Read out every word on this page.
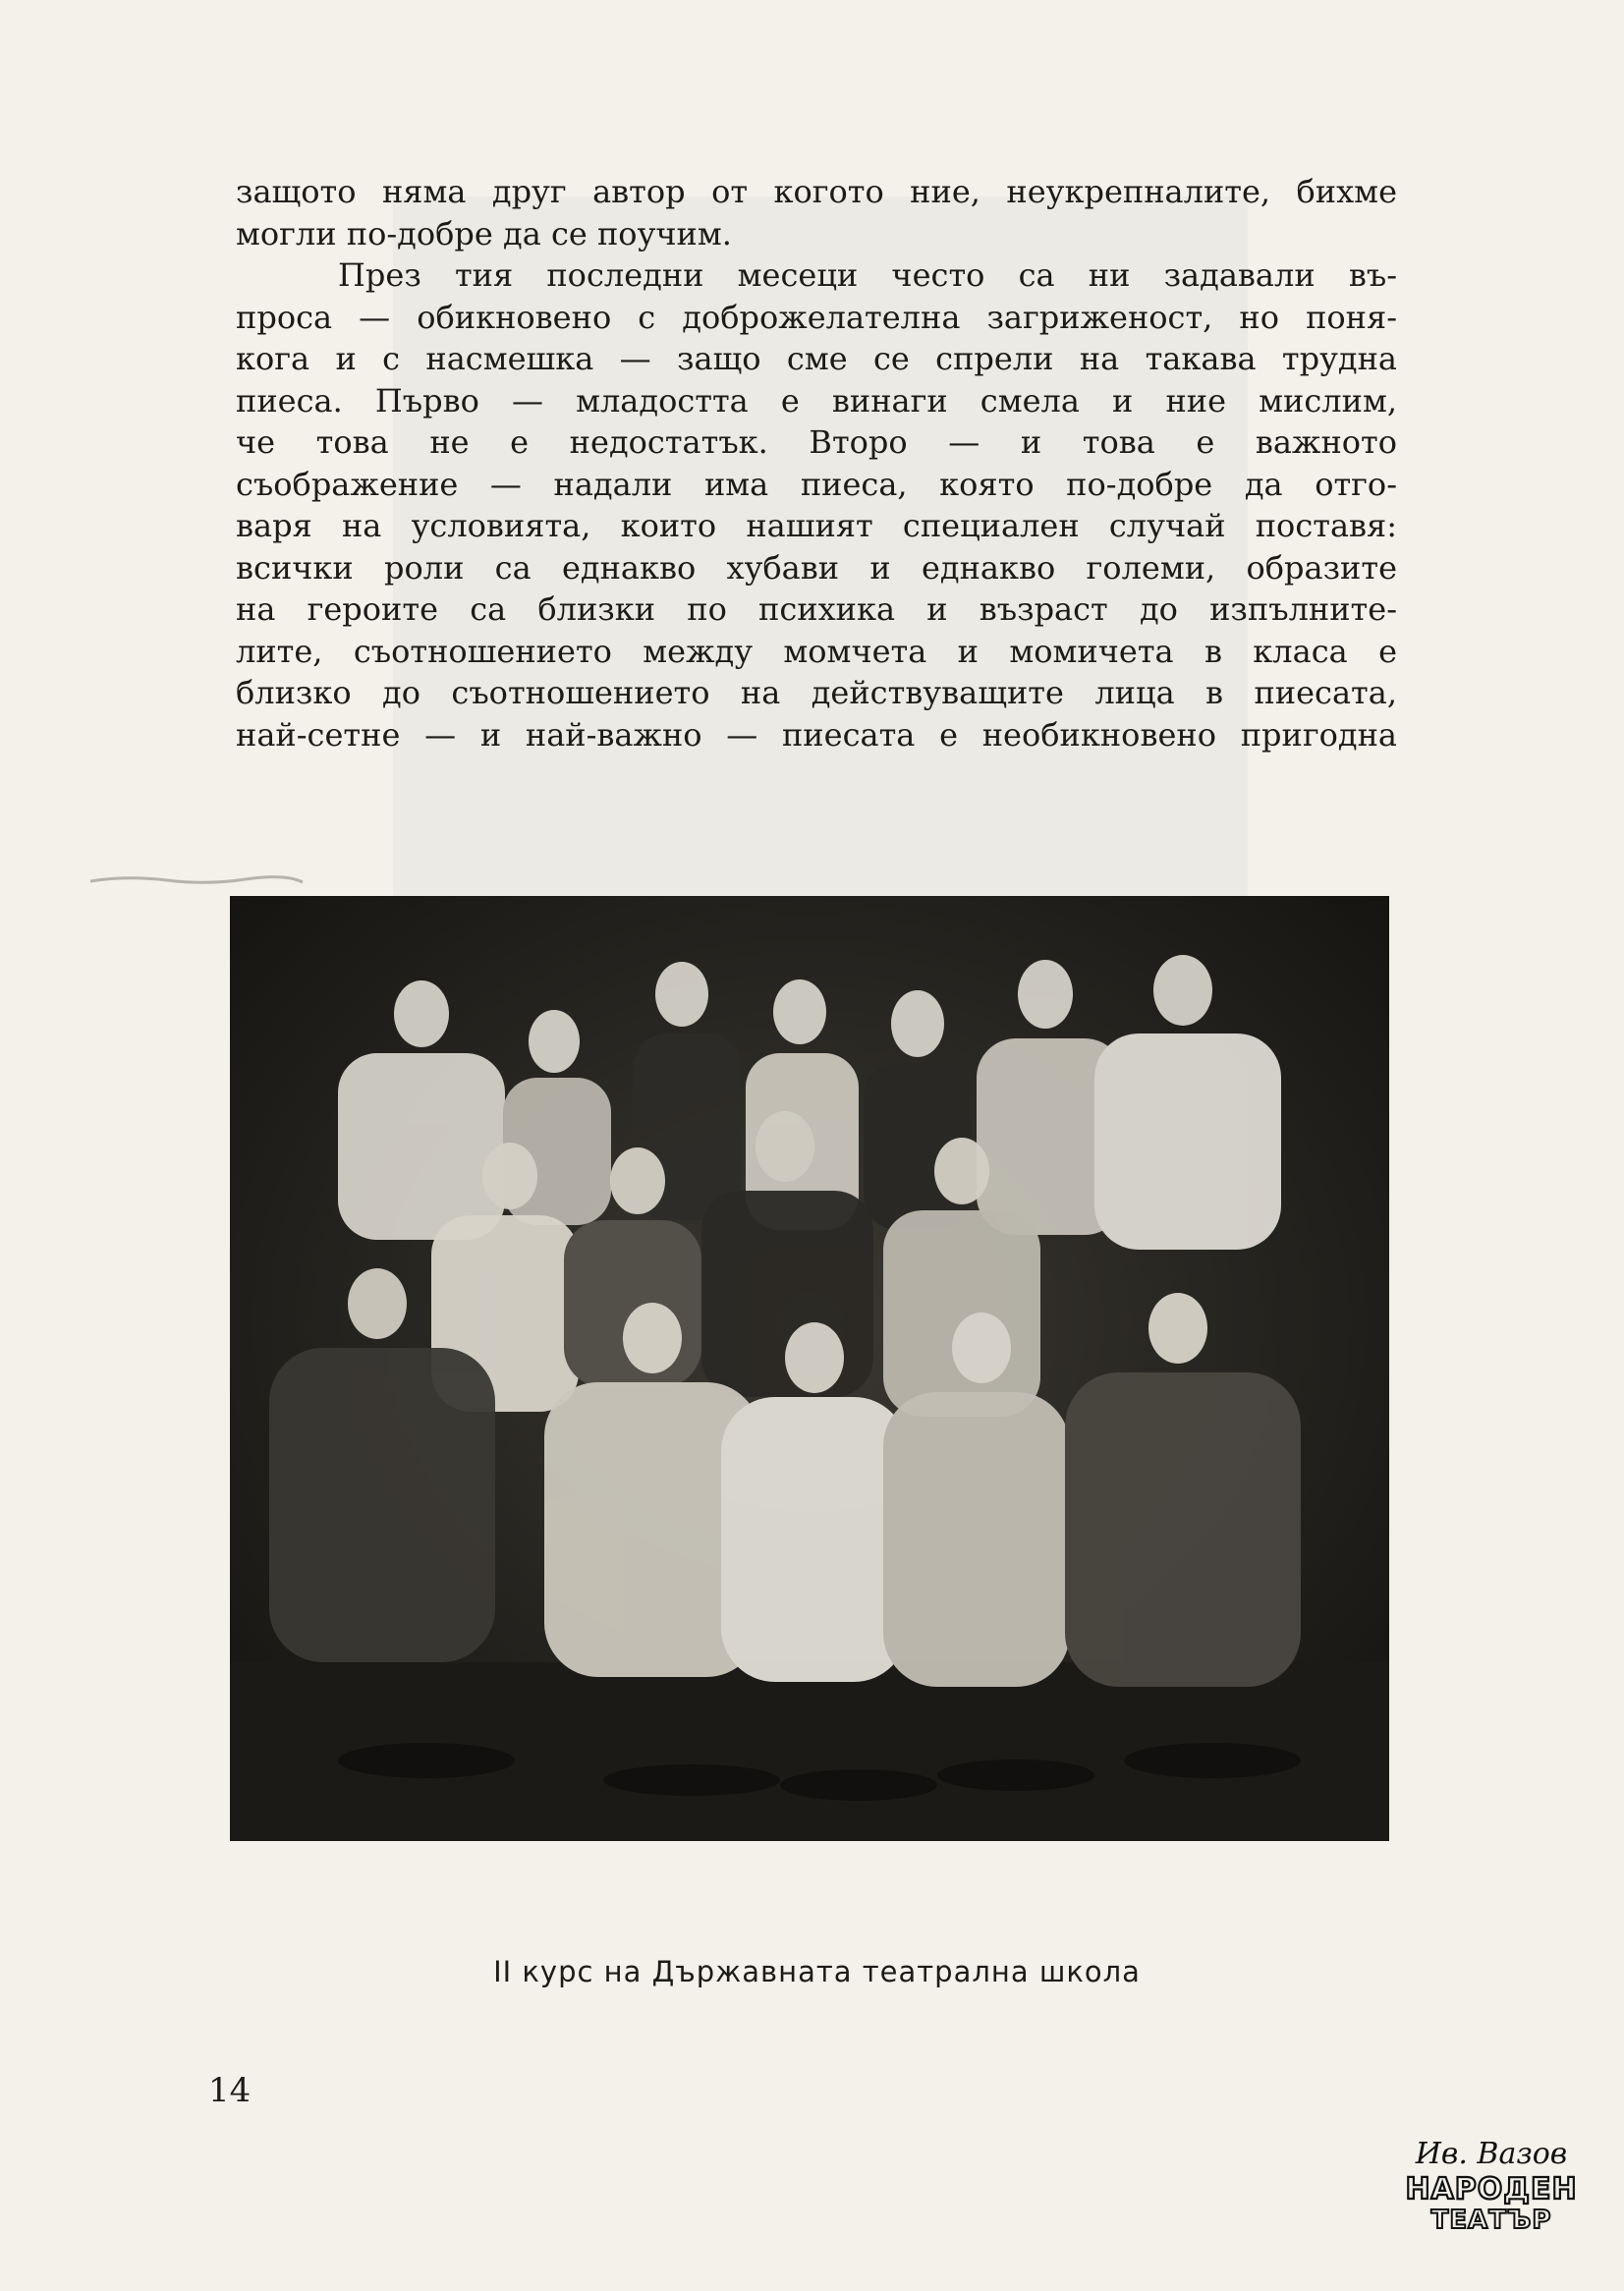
защото няма друг автор от когото ние, неукрепналите, бихме
могли по-добре да се поучим.
През тия последни месеци често са ни задавали въ-
проса — обикновено с доброжелателна загриженост, но поня-
кога и с насмешка — защо сме се спрели на такава трудна
пиеса. Първо — младостта е винаги смела и ние мислим,
че това не е недостатък. Второ — и това е важното
съображение — надали има пиеса, която по-добре да отго-
варя на условията, които нашият специален случай поставя:
всички роли са еднакво хубави и еднакво големи, образите
на героите са близки по психика и възраст до изпълните-
лите, съотношението между момчета и момичета в класа е
близко до съотношението на действуващите лица в пиесата,
най-сетне — и най-важно — пиесата е необикновено пригодна
II курс на Държавната театрална школа
14
Ив. Вазов
НАРОДЕН
ТЕАТЪР
